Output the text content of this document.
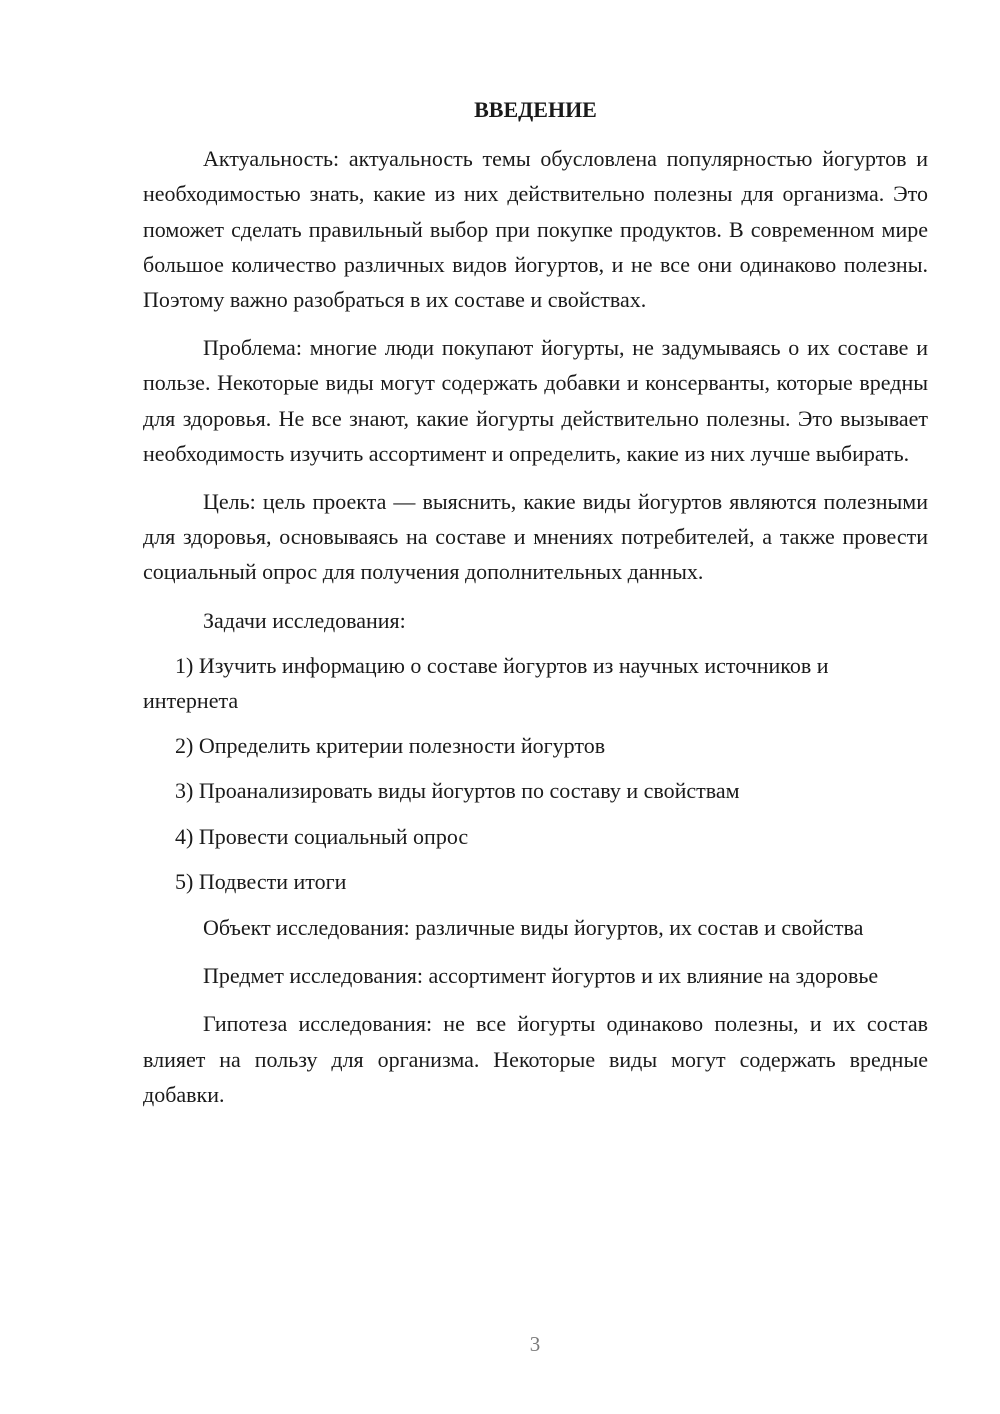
ВВЕДЕНИЕ

Актуальность: актуальность темы обусловлена популярностью йогуртов и необходимостью знать, какие из них действительно полезны для организма. Это поможет сделать правильный выбор при покупке продуктов. В современном мире большое количество различных видов йогуртов, и не все они одинаково полезны. Поэтому важно разобраться в их составе и свойствах.

Проблема: многие люди покупают йогурты, не задумываясь о их составе и пользе. Некоторые виды могут содержать добавки и консерванты, которые вредны для здоровья. Не все знают, какие йогурты действительно полезны. Это вызывает необходимость изучить ассортимент и определить, какие из них лучше выбирать.

Цель: цель проекта — выяснить, какие виды йогуртов являются полезными для здоровья, основываясь на составе и мнениях потребителей, а также провести социальный опрос для получения дополнительных данных.

Задачи исследования:

1) Изучить информацию о составе йогуртов из научных источников и интернета

2) Определить критерии полезности йогуртов

3) Проанализировать виды йогуртов по составу и свойствам

4) Провести социальный опрос

5) Подвести итоги

Объект исследования: различные виды йогуртов, их состав и свойства

Предмет исследования: ассортимент йогуртов и их влияние на здоровье

Гипотеза исследования: не все йогурты одинаково полезны, и их состав влияет на пользу для организма. Некоторые виды могут содержать вредные добавки.

3
